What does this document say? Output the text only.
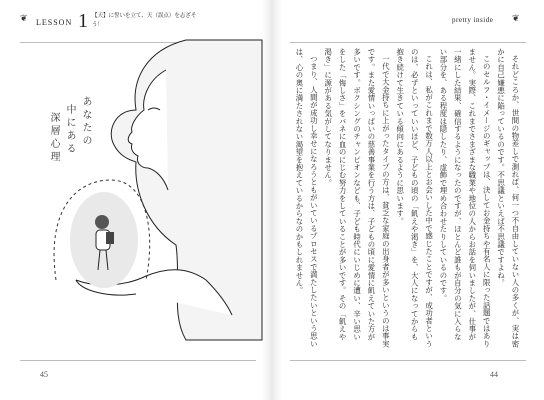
❦ LESSON 1 【天】に誓いを立て、天（誤点）を志ざそう！
あなたの
中にある
深層心理
45
❦
pretty inside

それどころか、世間の物差しで測れば、何一つ不自由していない人の多くが、実は密かに自己嫌悪に陥っているのです。不思議といえば不思議ですよね。

このセルフ・イメージのギャップは、決してお金持ちや有名人に限った話題ではありません。実際、これまでさまざまな職業や地位の人からお話を伺いましたが、仕事が一緒にした結果、確信するようになったのですが、ほとんど誰もが自分の気に入らない部分を、ある程度は隠したり、虚飾で埋め合わせたりしているのです。

これは、私がこれまで数万人以上とお会いした中で感じたことですが、成功者というのは、必ずといっていいほど、子どもの頃の「飢えや渇き」を、大人になってからも抱き続けて生きている傾向にあるように思います。

一代で大金持ちに上がったタイプの方は、貧乏な家庭の出身者が多いというのは事実です。また愛情いっぱいの慈善事業を行う方は、子どもの頃に愛情に飢えていた方が多いです。ボクシングのチャンピオンなども、子ども時代にいじめに遭い、辛い思いをした「悔しさ」をバネに血のにじむ努力をしていることが多いです。その「飢えや渇き」に源がある気がしてなりません。

つまり、人間が成功し幸せになろうともがいているプロセスで満たしたいという思いは、心の奥に満たされない渇望を抱えているからなのかもしれません。

44
